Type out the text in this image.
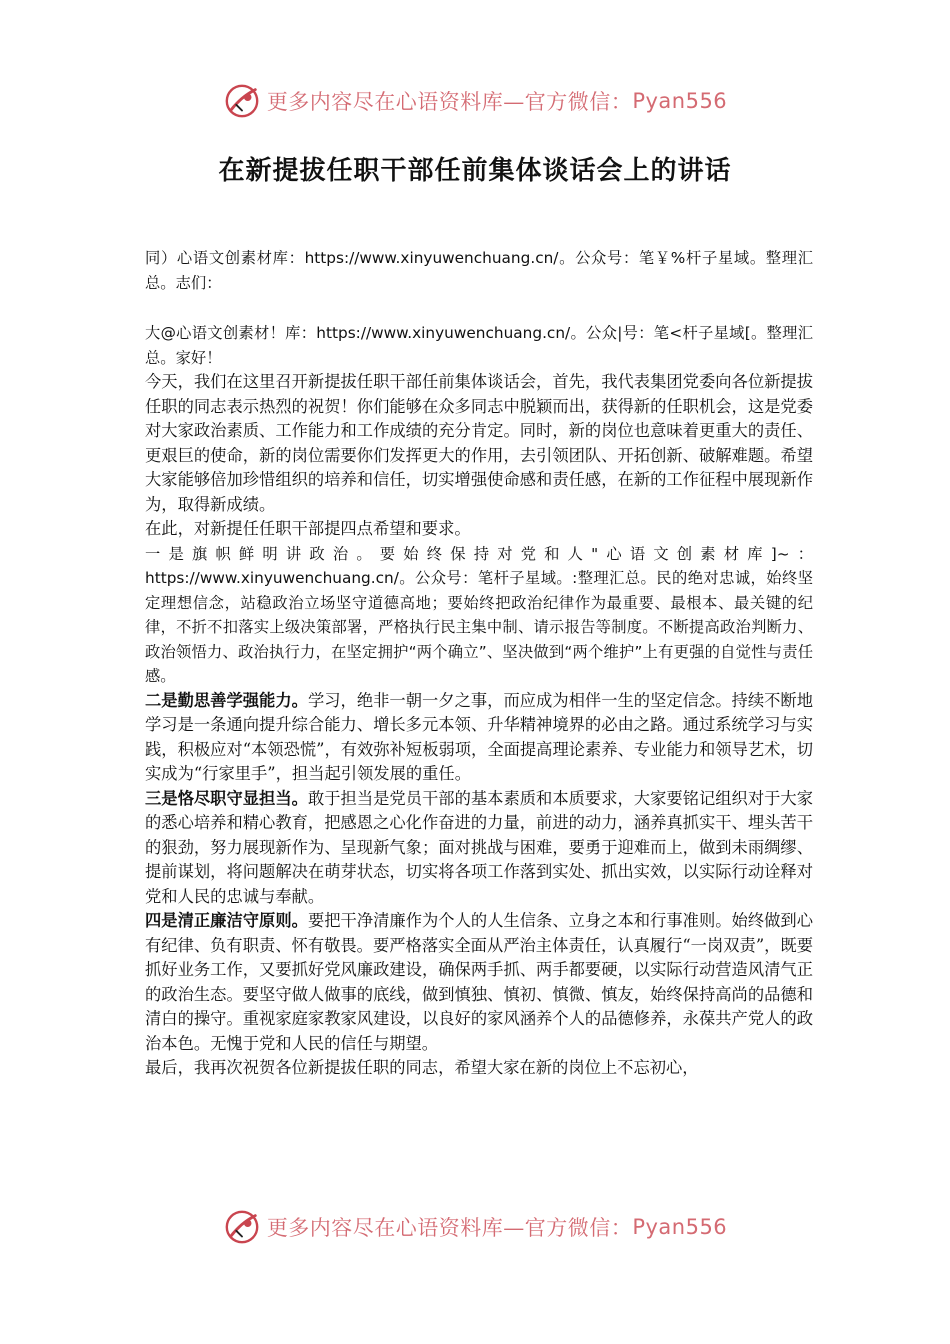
更多内容尽在心语资料库—官方微信： Pyan556
在新提拔任职干部任前集体谈话会上的讲话

同）心语文创素材库：https://www.xinyuwenchuang.cn/。公众号：笔￥%杆子星域。整理汇总。志们：

大@心语文创素材！库：https://www.xinyuwenchuang.cn/。公众|号：笔<杆子星域[。整理汇总。家好！

今天，我们在这里召开新提拔任职干部任前集体谈话会，首先，我代表集团党委向各位新提拔任职的同志表示热烈的祝贺！你们能够在众多同志中脱颖而出，获得新的任职机会，这是党委对大家政治素质、工作能力和工作成绩的充分肯定。同时，新的岗位也意味着更重大的责任、更艰巨的使命，新的岗位需要你们发挥更大的作用，去引领团队、开拓创新、破解难题。希望大家能够倍加珍惜组织的培养和信任，切实增强使命感和责任感，在新的工作征程中展现新作为，取得新成绩。

在此，对新提任任职干部提四点希望和要求。

一是旗帜鲜明讲政治。要始终保持对党和人"心语文创素材库]~：https://www.xinyuwenchuang.cn/。公众号：笔杆子星域。:整理汇总。民的绝对忠诚，始终坚定理想信念，站稳政治立场坚守道德高地；要始终把政治纪律作为最重要、最根本、最关键的纪律，不折不扣落实上级决策部署，严格执行民主集中制、请示报告等制度。不断提高政治判断力、政治领悟力、政治执行力，在坚定拥护“两个确立”、坚决做到“两个维护”上有更强的自觉性与责任感。

二是勤思善学强能力。学习，绝非一朝一夕之事，而应成为相伴一生的坚定信念。持续不断地学习是一条通向提升综合能力、增长多元本领、升华精神境界的必由之路。通过系统学习与实践，积极应对“本领恐慌”，有效弥补短板弱项，全面提高理论素养、专业能力和领导艺术，切实成为“行家里手”，担当起引领发展的重任。

三是恪尽职守显担当。敢于担当是党员干部的基本素质和本质要求，大家要铭记组织对于大家的悉心培养和精心教育，把感恩之心化作奋进的力量，前进的动力，涵养真抓实干、埋头苦干的狠劲，努力展现新作为、呈现新气象；面对挑战与困难，要勇于迎难而上，做到未雨绸缪、提前谋划，将问题解决在萌芽状态，切实将各项工作落到实处、抓出实效，以实际行动诠释对党和人民的忠诚与奉献。

四是清正廉洁守原则。要把干净清廉作为个人的人生信条、立身之本和行事准则。始终做到心有纪律、负有职责、怀有敬畏。要严格落实全面从严治主体责任，认真履行“一岗双责”，既要抓好业务工作，又要抓好党风廉政建设，确保两手抓、两手都要硬，以实际行动营造风清气正的政治生态。要坚守做人做事的底线，做到慎独、慎初、慎微、慎友，始终保持高尚的品德和清白的操守。重视家庭家教家风建设，以良好的家风涵养个人的品德修养，永葆共产党人的政治本色。无愧于党和人民的信任与期望。

最后，我再次祝贺各位新提拔任职的同志，希望大家在新的岗位上不忘初心，

更多内容尽在心语资料库—官方微信： Pyan556
